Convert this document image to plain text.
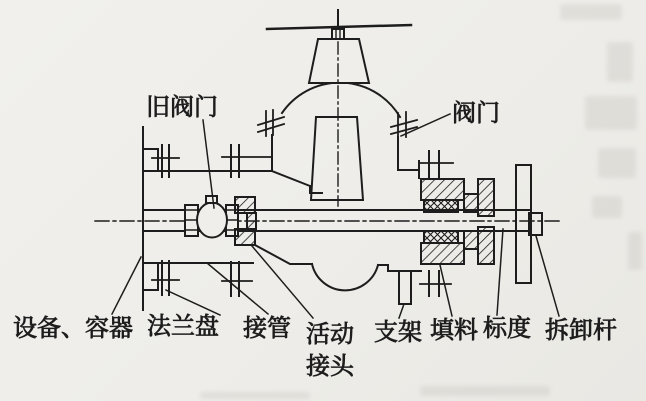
旧阀门	阀门
设备、容器 法兰盘 接管 活动
接头
支架 填料 标度 拆卸杆
